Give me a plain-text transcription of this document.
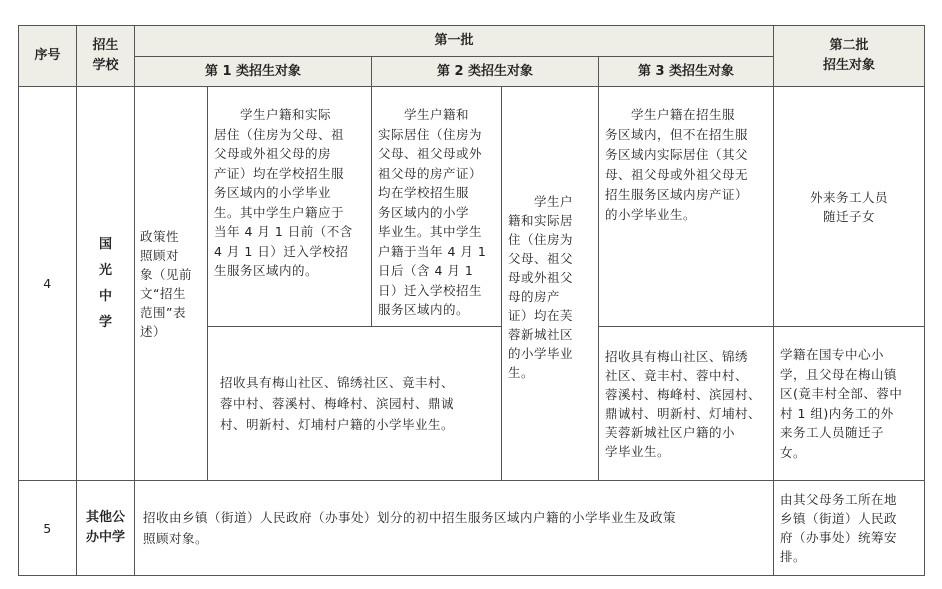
序号
招生
学校
第一批
第 1 类招生对象	第 2 类招生对象	第 3 类招生对象
第二批
招生对象
4
国
光
中
学
政策性
照顾对
象（见前
文“招生
范围”表
述）
　　学生户籍和实际
居住（住房为父母、祖
父母或外祖父母的房
产证）均在学校招生服
务区域内的小学毕业
生。其中学生户籍应于
当年 4 月 1 日前（不含
4 月 1 日）迁入学校招
生服务区域内的。
　　学生户籍和
实际居住（住房为
父母、祖父母或外
祖父母的房产证）
均在学校招生服
务区域内的小学
毕业生。其中学生
户籍于当年 4 月 1
日后（含 4 月 1
日）迁入学校招生
服务区域内的。
　　学生户
籍和实际居
住（住房为
父母、祖父
母或外祖父
母的房产
证）均在芙
蓉新城社区
的小学毕业
生。
　　学生户籍在招生服
务区域内，但不在招生服
务区域内实际居住（其父
母、祖父母或外祖父母无
招生服务区域内房产证）
的小学毕业生。
外来务工人员
随迁子女
招收具有梅山社区、锦绣社区、竟丰村、
蓉中村、蓉溪村、梅峰村、滨园村、鼎诚
村、明新村、灯埔村户籍的小学毕业生。
招收具有梅山社区、锦绣
社区、竟丰村、蓉中村、
蓉溪村、梅峰村、滨园村、
鼎诚村、明新村、灯埔村、
芙蓉新城社区户籍的小
学毕业生。
学籍在国专中心小
学，且父母在梅山镇
区(竟丰村全部、蓉中
村 1 组)内务工的外
来务工人员随迁子
女。
5
其他公
办中学
招收由乡镇（街道）人民政府（办事处）划分的初中招生服务区域内户籍的小学毕业生及政策
照顾对象。
由其父母务工所在地
乡镇（街道）人民政
府（办事处）统筹安
排。
